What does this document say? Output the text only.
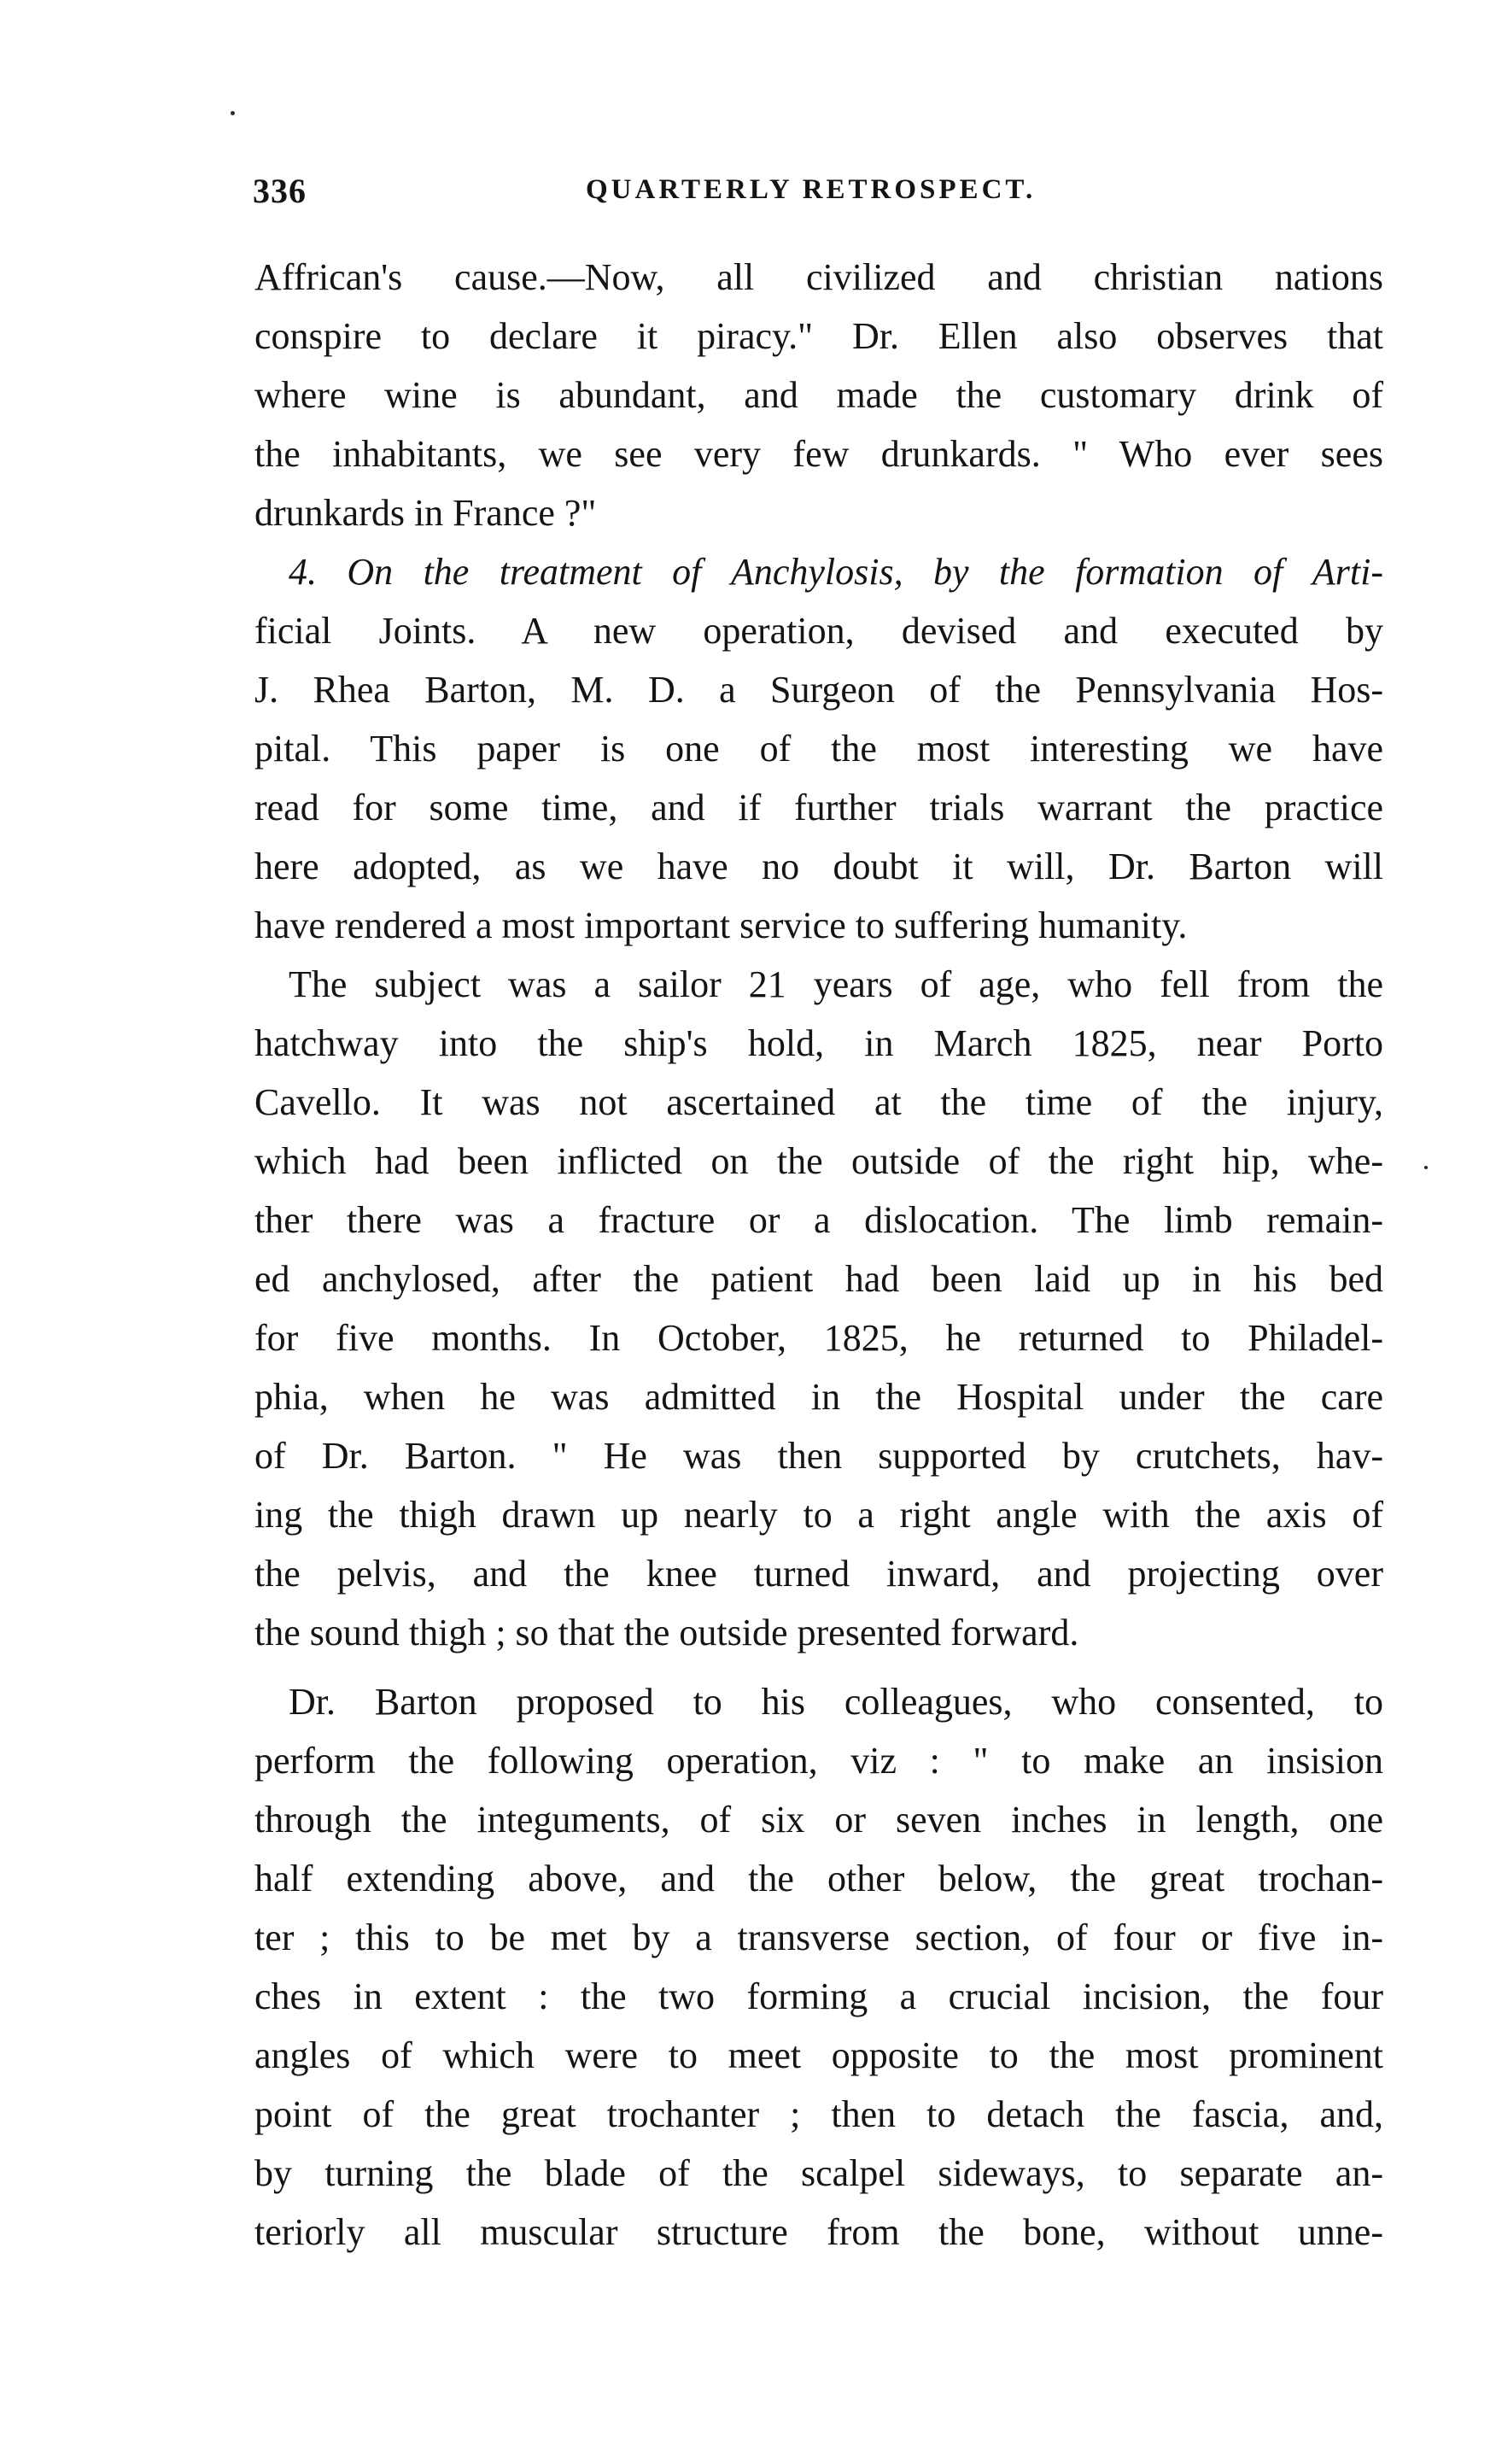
336	QUARTERLY RETROSPECT.
Affrican's cause.—Now, all civilized and christian nations
conspire to declare it piracy." Dr. Ellen also observes that
where wine is abundant, and made the customary drink of
the inhabitants, we see very few drunkards. " Who ever sees
drunkards in France ?"
4. On the treatment of Anchylosis, by the formation of Arti-
ficial Joints. A new operation, devised and executed by
J. Rhea Barton, M. D. a Surgeon of the Pennsylvania Hos-
pital. This paper is one of the most interesting we have
read for some time, and if further trials warrant the practice
here adopted, as we have no doubt it will, Dr. Barton will
have rendered a most important service to suffering humanity.
The subject was a sailor 21 years of age, who fell from the
hatchway into the ship's hold, in March 1825, near Porto
Cavello. It was not ascertained at the time of the injury,
which had been inflicted on the outside of the right hip, whe-
ther there was a fracture or a dislocation. The limb remain-
ed anchylosed, after the patient had been laid up in his bed
for five months. In October, 1825, he returned to Philadel-
phia, when he was admitted in the Hospital under the care
of Dr. Barton. " He was then supported by crutchets, hav-
ing the thigh drawn up nearly to a right angle with the axis of
the pelvis, and the knee turned inward, and projecting over
the sound thigh ; so that the outside presented forward.
Dr. Barton proposed to his colleagues, who consented, to
perform the following operation, viz : " to make an insision
through the integuments, of six or seven inches in length, one
half extending above, and the other below, the great trochan-
ter ; this to be met by a transverse section, of four or five in-
ches in extent : the two forming a crucial incision, the four
angles of which were to meet opposite to the most prominent
point of the great trochanter ; then to detach the fascia, and,
by turning the blade of the scalpel sideways, to separate an-
teriorly all muscular structure from the bone, without unne-
